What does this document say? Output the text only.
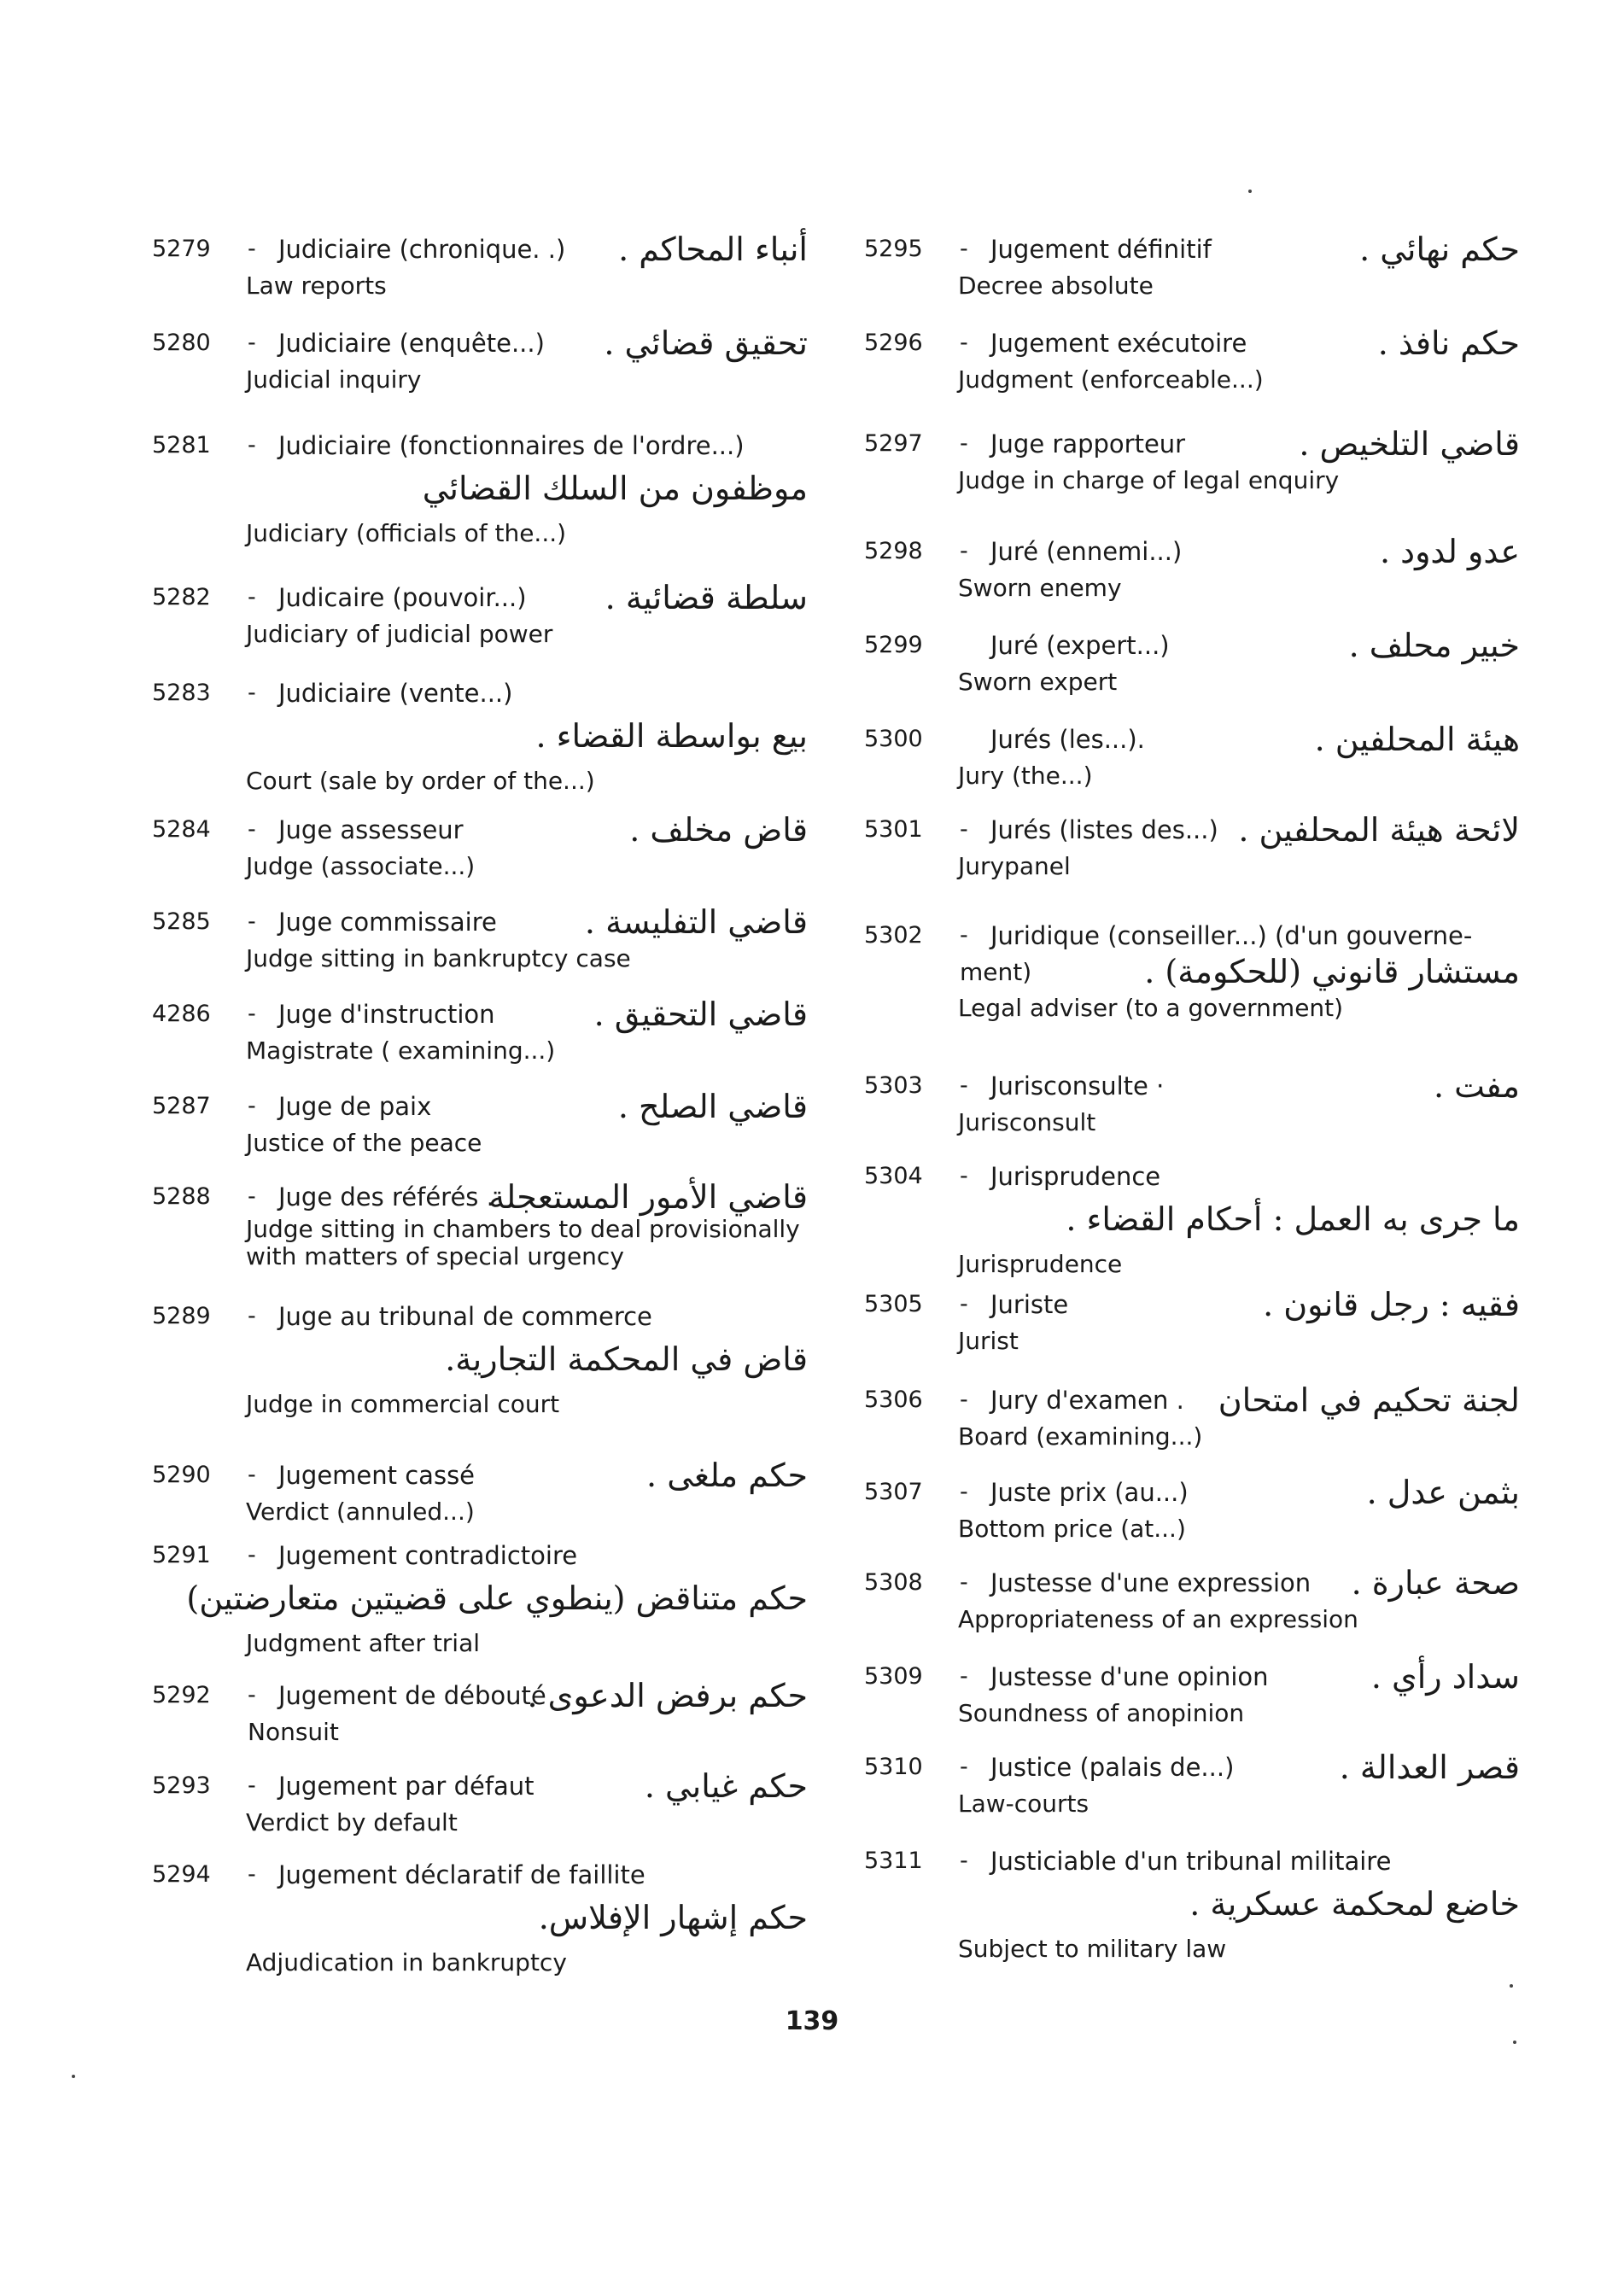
5279	- Judiciaire (chronique. .) أنباء المحاكم .
Law reports
5280	- Judiciaire (enquête...) تحقيق قضائي .
Judicial inquiry
5281	- Judiciaire (fonctionnaires de l'ordre...)
موظفون من السلك القضائي
Judiciary (officials of the...)
5282	- Judicaire (pouvoir...) سلطة قضائية .
Judiciary of judicial power
5283	- Judiciaire (vente...)
بيع بواسطة القضاء .
Court (sale by order of the...)
5284	- Juge assesseur	قاض مخلف .
Judge (associate...)
5285	- Juge commissaire	قاضي التفليسة .
Judge sitting in bankruptcy case
4286	- Juge d'instruction	قاضي التحقيق .
Magistrate ( examining...)
5287	- Juge de paix	قاضي الصلح .
Justice of the peace
5288	- Juge des référés .
قاضي الأمور المستعجلة
Judge sitting in chambers to deal provisionally with matters of special urgency
5289	- Juge au tribunal de commerce
قاض في المحكمة التجارية.
Judge in commercial court
5290	- Jugement cassé	حكم ملغى .
Verdict (annuled...)
5291	- Jugement contradictoire
حكم متناقض (ينطوي على قضيتين متعارضتين)
Judgment after trial
5292	- Jugement de débouté
حكم برفض الدعوى .
Nonsuit
5293	- Jugement par défaut	حكم غيابي .
Verdict by default
5294	- Jugement déclaratif de faillite
حكم إشهار الإفلاس.
Adjudication in bankruptcy
5295	- Jugement définitif	حكم نهائي .
Decree absolute
5296	- Jugement exécutoire	حكم نافذ .
Judgment (enforceable...)
5297	- Juge rapporteur	قاضي التلخيص .
Judge in charge of legal enquiry
5298	- Juré (ennemi...)	عدو لدود .
Sworn enemy
5299	Juré (expert...)	خبير محلف .
Sworn expert
5300	Jurés (les...).	هيئة المحلفين .
Jury (the...)
5301	- Jurés (listes des...) لائحة هيئة المحلفين .
Jurypanel
5302	- Juridique (conseiller...) (d'un gouverne-
ment)	مستشار قانوني (للحكومة) .
Legal adviser (to a government)
5303	- Jurisconsulte ·	مفت .
Jurisconsult
5304	- Jurisprudence
ما جرى به العمل : أحكام القضاء .
Jurisprudence
5305	- Juriste	فقيه : رجل قانون .
Jurist
5306	- Jury d'examen . لجنة تحكيم في امتحان
Board (examining...)
5307	- Juste prix (au...)	بثمن عدل .
Bottom price (at...)
5308	- Justesse d'une expression صحة عبارة .
Appropriateness of an expression
5309	- Justesse d'une opinion	سداد رأي .
Soundness of anopinion
5310	- Justice (palais de...)	قصر العدالة .
Law-courts
5311	- Justiciable d'un tribunal militaire
خاضع لمحكمة عسكرية .
Subject to military law
139
